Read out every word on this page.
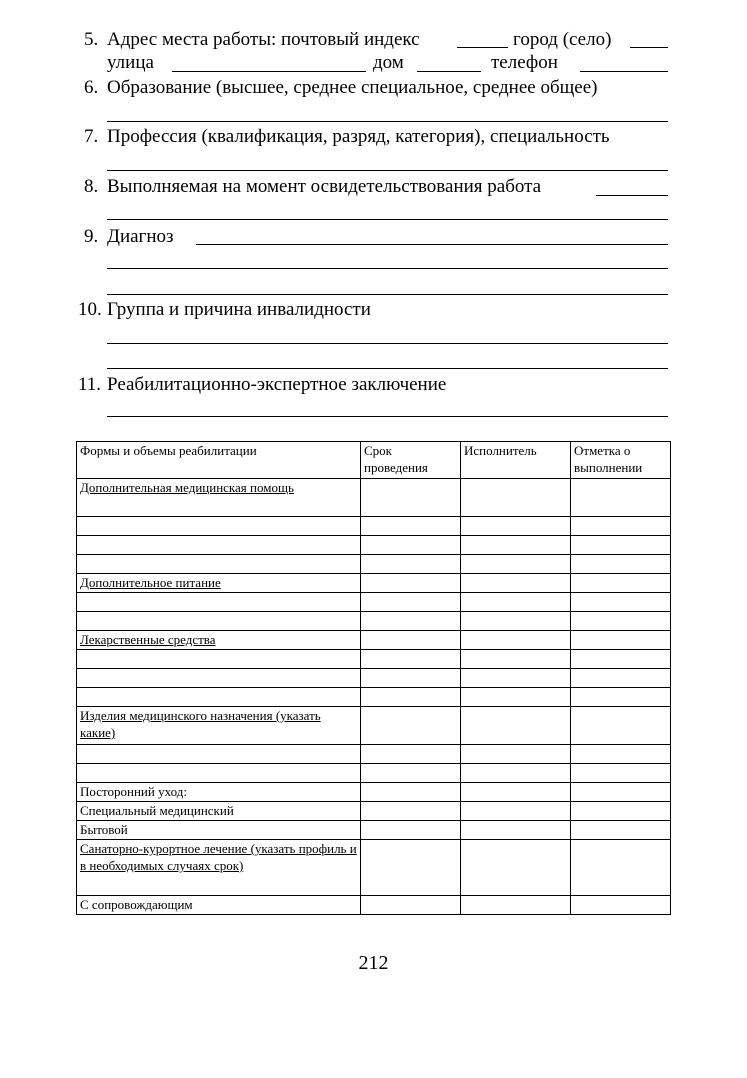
5. Адрес места работы: почтовый индекс	город (село)
улица	дом	телефон
6. Образование (высшее, среднее специальное, среднее общее)
7. Профессия (квалификация, разряд, категория), специальность
8. Выполняемая на момент освидетельствования работа
9. Диагноз
10. Группа и причина инвалидности
11. Реабилитационно-экспертное заключение
Формы и объемы реабилитации	Срок проведения	Исполнитель	Отметка о выполнении
Дополнительная медицинская помощь			

Дополнительное питание			

Лекарственные средства			

Изделия медицинского назначения (указать какие)			

Посторонний уход:			
Специальный медицинский			
Бытовой			
Санаторно-курортное лечение (указать профиль и в необходимых случаях срок)			
С сопровождающим			
212
